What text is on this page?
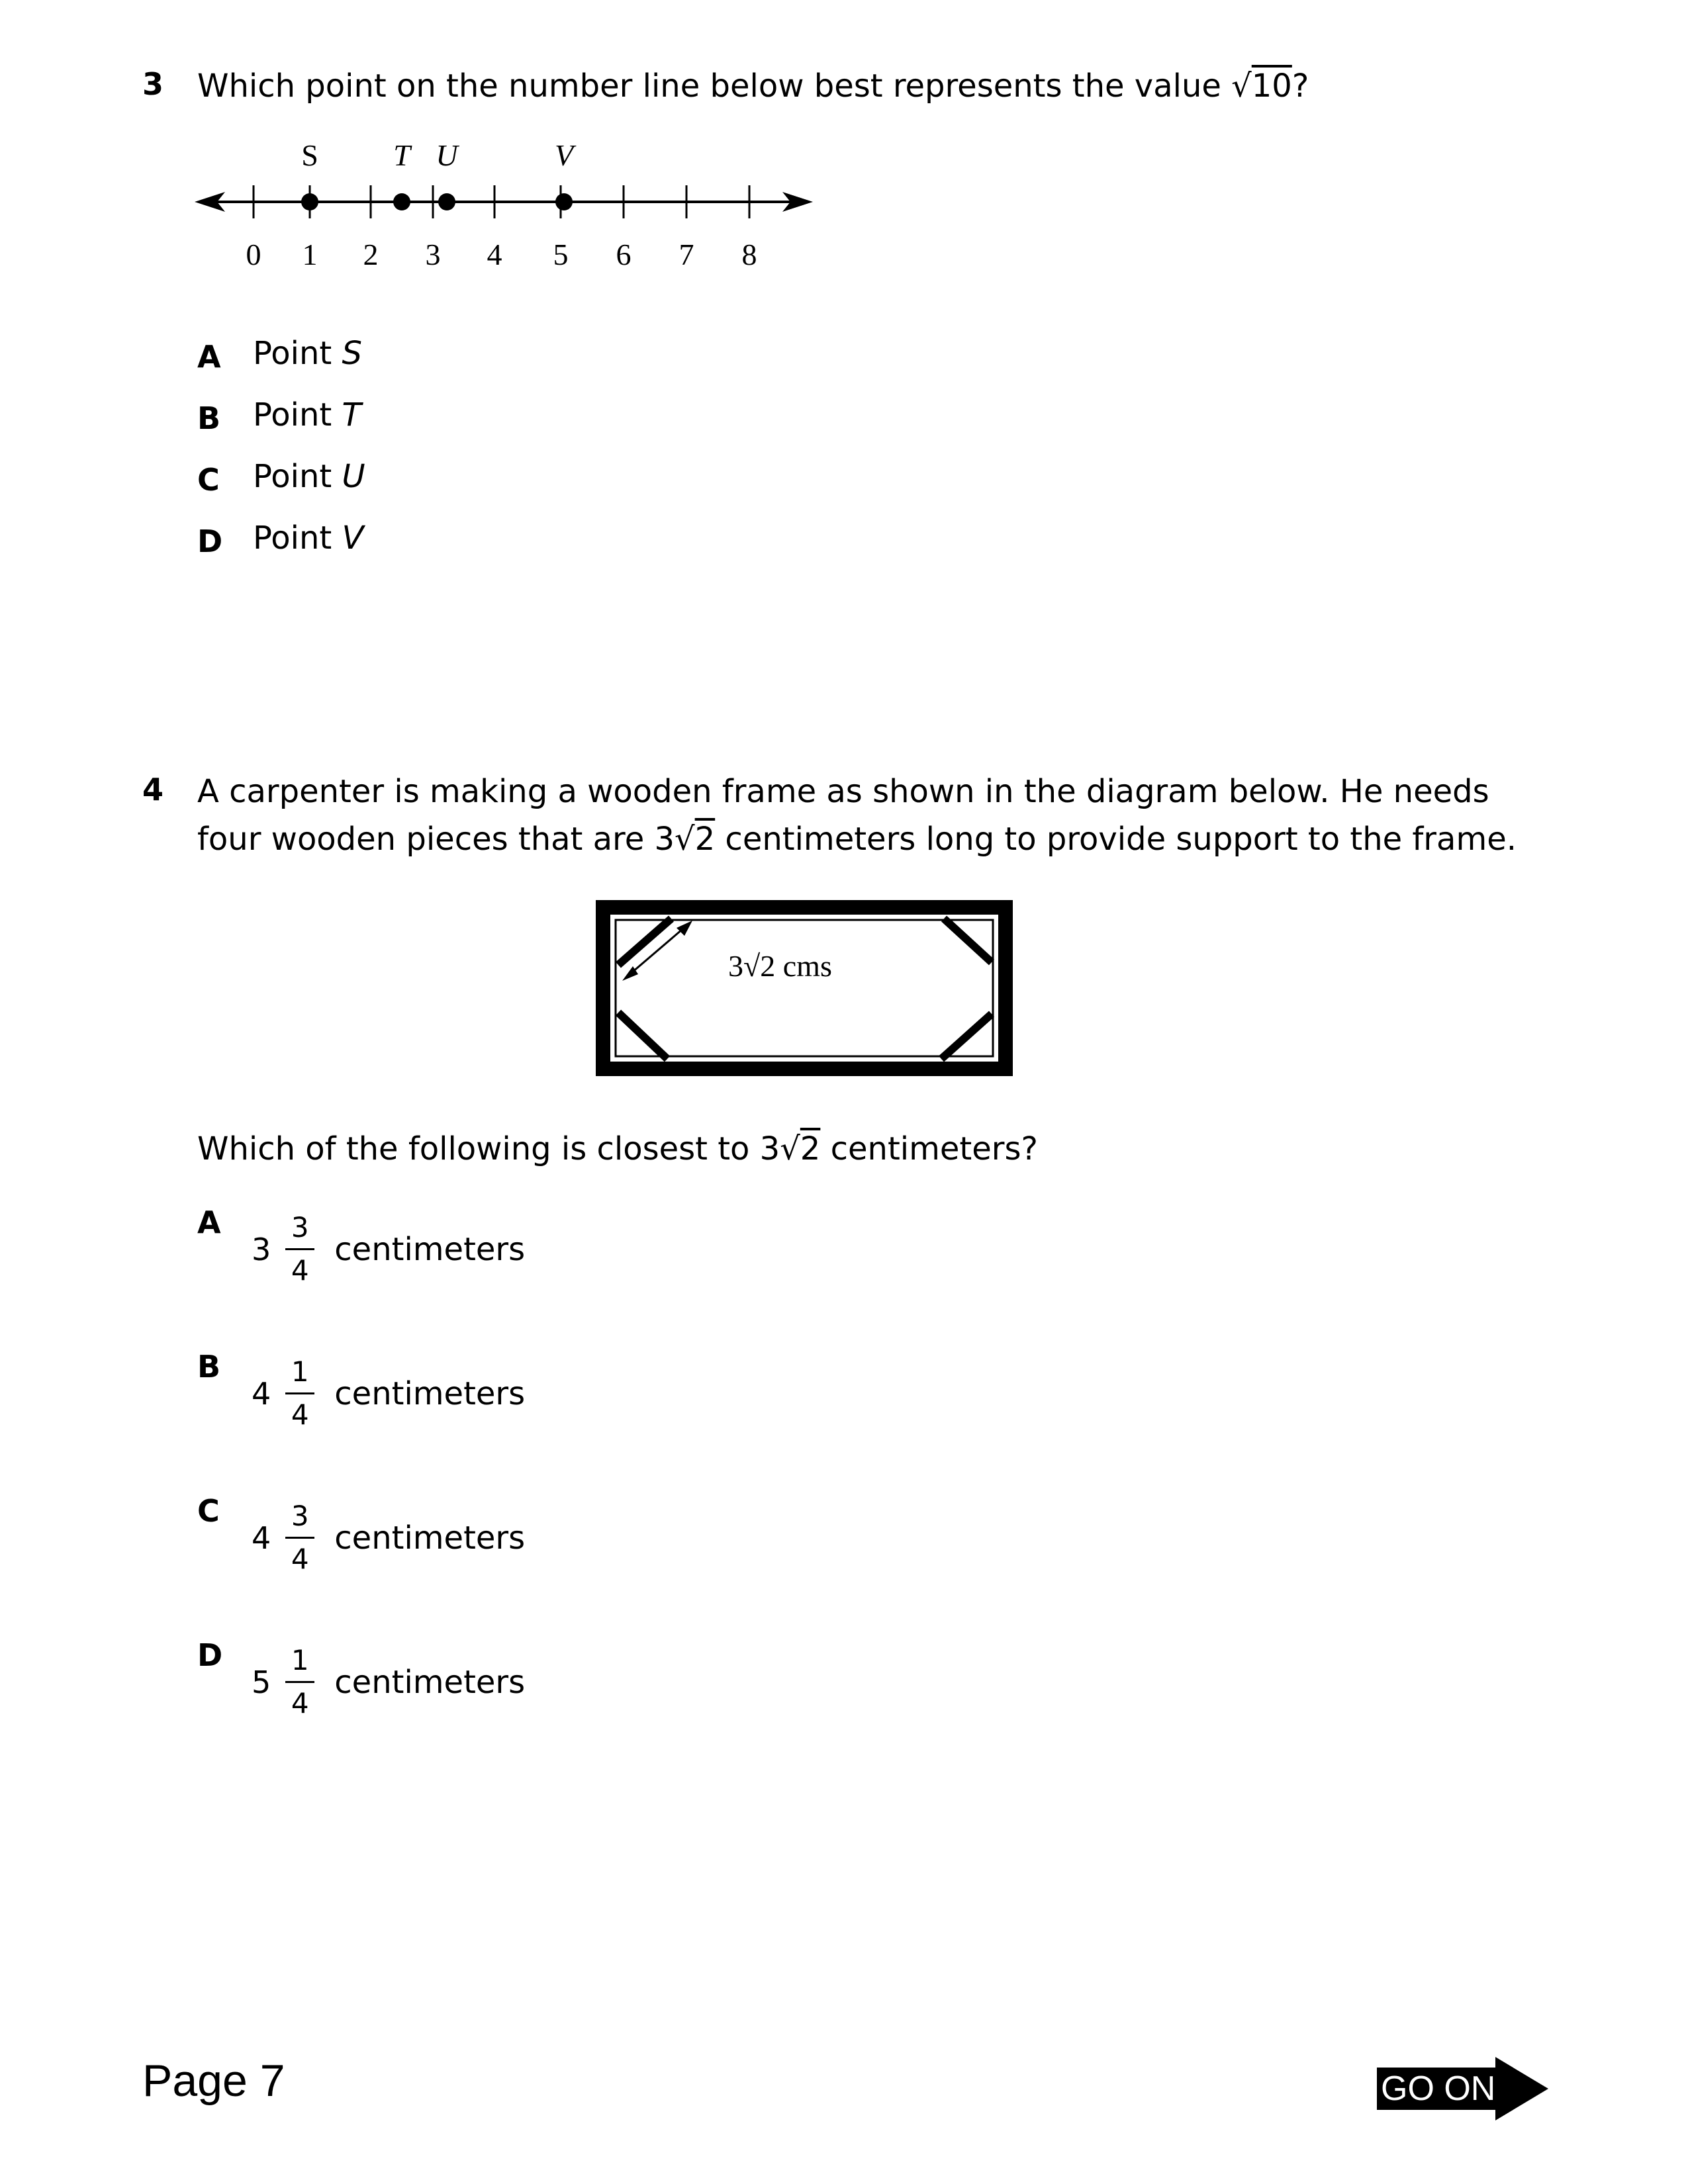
3 Which point on the number line below best represents the value √10?
S T U	V
0 1 2 3 4 5 6 7 8
A Point S
B Point T
C Point U
D Point V
4 A carpenter is making a wooden frame as shown in the diagram below. He needs four wooden pieces that are 3√2 centimeters long to provide support to the frame.
3√2 cms
Which of the following is closest to 3√2 centimeters?
A
$3 \frac{3}{4}$ centimeters
B
$4 \frac{1}{4}$ centimeters
C
$4 \frac{3}{4}$ centimeters
D
$5 \frac{1}{4}$ centimeters
Page 7	GO ON
